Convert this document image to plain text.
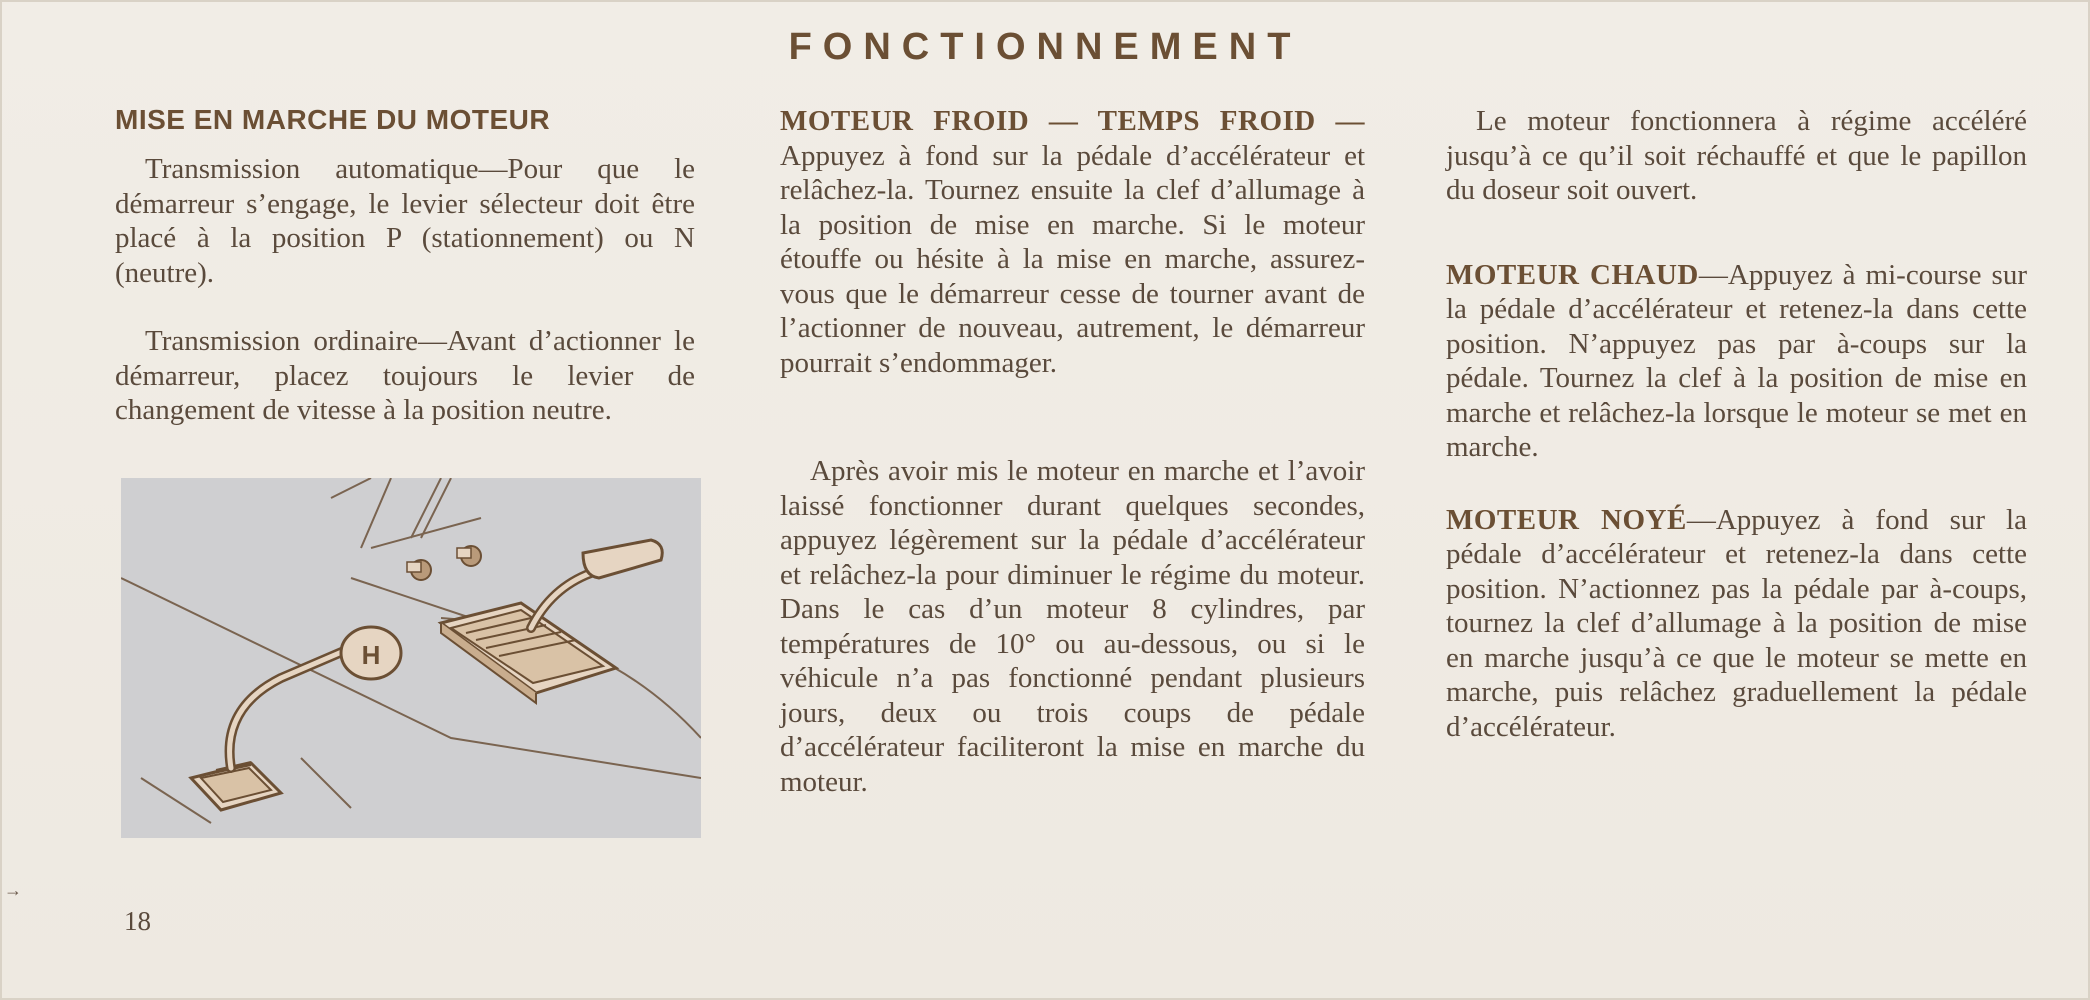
FONCTIONNEMENT
MISE EN MARCHE DU MOTEUR

Transmission automatique—Pour que le démarreur s’engage, le levier sélecteur doit être placé à la position P (stationnement) ou N (neutre).

Transmission ordinaire—Avant d’actionner le démarreur, placez toujours le levier de changement de vitesse à la position neutre.

H

MOTEUR FROID — TEMPS FROID — Appuyez à fond sur la pédale d’accélérateur et relâchez-la. Tournez ensuite la clef d’allumage à la position de mise en marche. Si le moteur étouffe ou hésite à la mise en marche, assurez-vous que le démarreur cesse de tourner avant de l’actionner de nouveau, autrement, le démarreur pourrait s’endommager.

Après avoir mis le moteur en marche et l’avoir laissé fonctionner durant quelques secondes, appuyez légèrement sur la pédale d’accélérateur et relâchez-la pour diminuer le régime du moteur. Dans le cas d’un moteur 8 cylindres, par températures de 10° ou au-dessous, ou si le véhicule n’a pas fonctionné pendant plusieurs jours, deux ou trois coups de pédale d’accélérateur faciliteront la mise en marche du moteur.

Le moteur fonctionnera à régime accéléré jusqu’à ce qu’il soit réchauffé et que le papillon du doseur soit ouvert.

MOTEUR CHAUD—Appuyez à mi-course sur la pédale d’accélérateur et retenez-la dans cette position. N’appuyez pas par à-coups sur la pédale. Tournez la clef à la position de mise en marche et relâchez-la lorsque le moteur se met en marche.

MOTEUR NOYÉ—Appuyez à fond sur la pédale d’accélérateur et retenez-la dans cette position. N’actionnez pas la pédale par à-coups, tournez la clef d’allumage à la position de mise en marche jusqu’à ce que le moteur se mette en marche, puis relâchez graduellement la pédale d’accélérateur.

→
18
